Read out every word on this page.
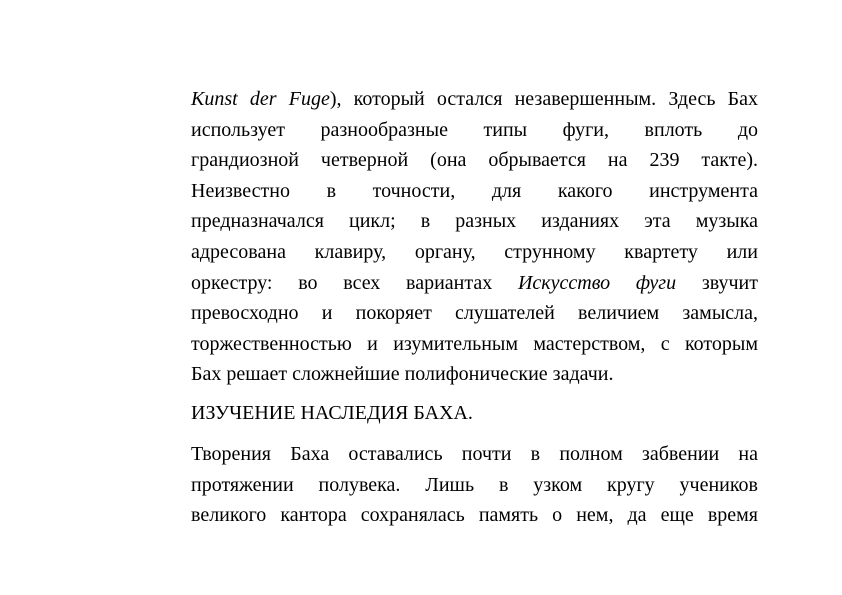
Kunst der Fuge), который остался незавершенным. Здесь Бах
использует разнообразные типы фуги, вплоть до
грандиозной четверной (она обрывается на 239 такте).
Неизвестно в точности, для какого инструмента
предназначался цикл; в разных изданиях эта музыка
адресована клавиру, органу, струнному квартету или
оркестру: во всех вариантах Искусство фуги звучит
превосходно и покоряет слушателей величием замысла,
торжественностью и изумительным мастерством, с которым
Бах решает сложнейшие полифонические задачи.
ИЗУЧЕНИЕ НАСЛЕДИЯ БАХА.
Творения Баха оставались почти в полном забвении на
протяжении полувека. Лишь в узком кругу учеников
великого кантора сохранялась память о нем, да еще время
